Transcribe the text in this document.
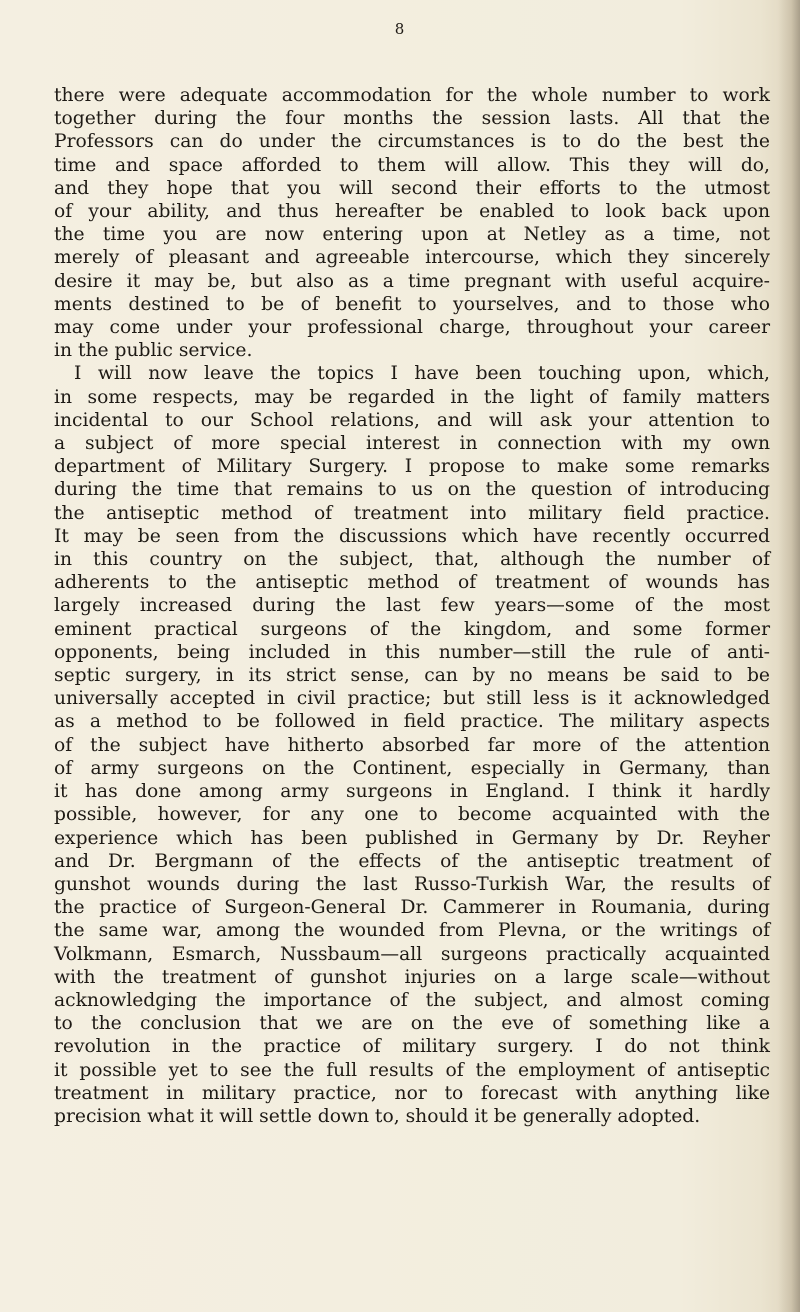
8
there were adequate accommodation for the whole number to work
together during the four months the session lasts. All that the
Professors can do under the circumstances is to do the best the
time and space afforded to them will allow. This they will do,
and they hope that you will second their efforts to the utmost
of your ability, and thus hereafter be enabled to look back upon
the time you are now entering upon at Netley as a time, not
merely of pleasant and agreeable intercourse, which they sincerely
desire it may be, but also as a time pregnant with useful acquire-
ments destined to be of benefit to yourselves, and to those who
may come under your professional charge, throughout your career
in the public service.
I will now leave the topics I have been touching upon, which,
in some respects, may be regarded in the light of family matters
incidental to our School relations, and will ask your attention to
a subject of more special interest in connection with my own
department of Military Surgery. I propose to make some remarks
during the time that remains to us on the question of introducing
the antiseptic method of treatment into military field practice.
It may be seen from the discussions which have recently occurred
in this country on the subject, that, although the number of
adherents to the antiseptic method of treatment of wounds has
largely increased during the last few years—some of the most
eminent practical surgeons of the kingdom, and some former
opponents, being included in this number—still the rule of anti-
septic surgery, in its strict sense, can by no means be said to be
universally accepted in civil practice; but still less is it acknowledged
as a method to be followed in field practice. The military aspects
of the subject have hitherto absorbed far more of the attention
of army surgeons on the Continent, especially in Germany, than
it has done among army surgeons in England. I think it hardly
possible, however, for any one to become acquainted with the
experience which has been published in Germany by Dr. Reyher
and Dr. Bergmann of the effects of the antiseptic treatment of
gunshot wounds during the last Russo-Turkish War, the results of
the practice of Surgeon-General Dr. Cammerer in Roumania, during
the same war, among the wounded from Plevna, or the writings of
Volkmann, Esmarch, Nussbaum—all surgeons practically acquainted
with the treatment of gunshot injuries on a large scale—without
acknowledging the importance of the subject, and almost coming
to the conclusion that we are on the eve of something like a
revolution in the practice of military surgery. I do not think
it possible yet to see the full results of the employment of antiseptic
treatment in military practice, nor to forecast with anything like
precision what it will settle down to, should it be generally adopted.
